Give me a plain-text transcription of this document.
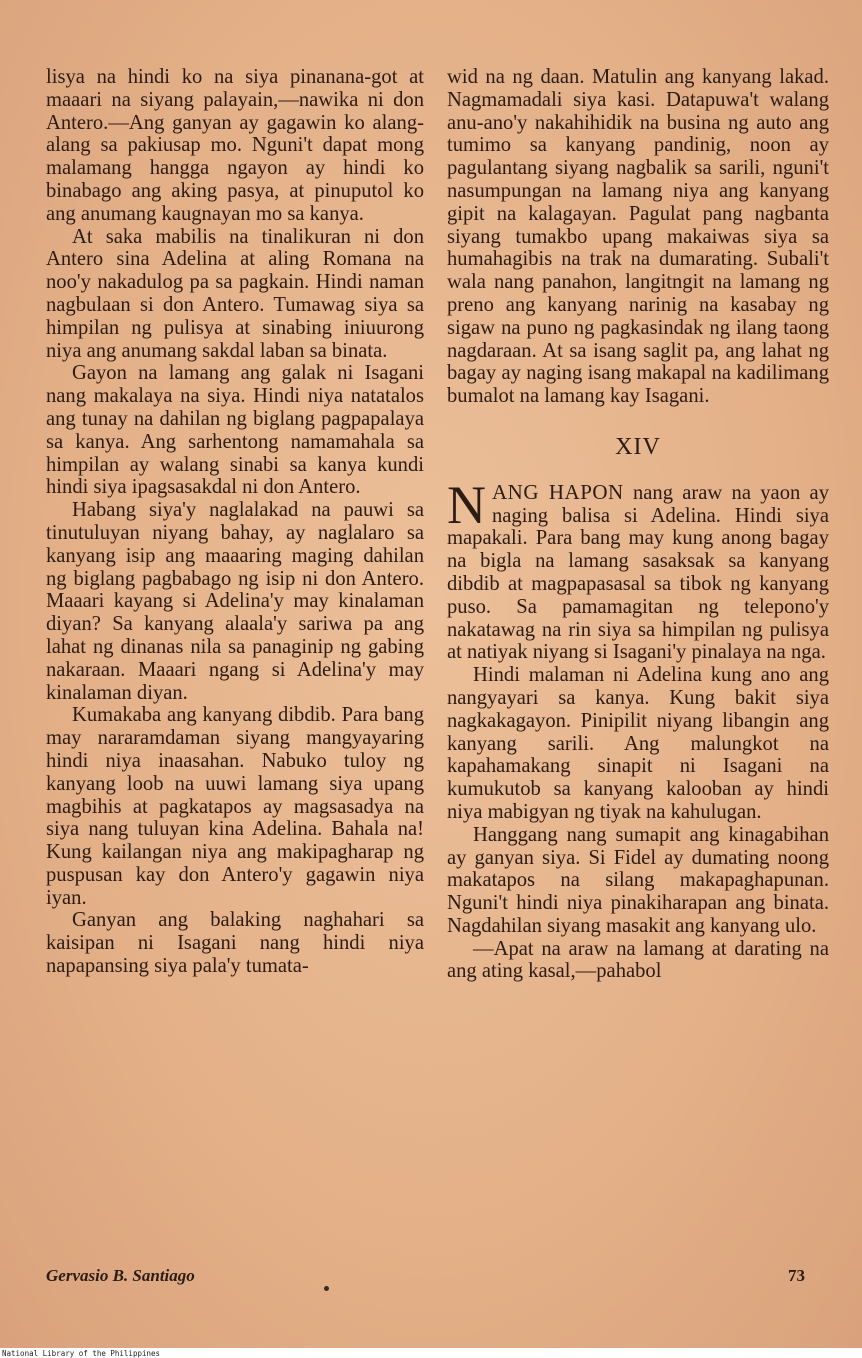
lisya na hindi ko na siya pinanana-got at maaari na siyang palayain,—nawika ni don Antero.—Ang ganyan ay gagawin ko alang-alang sa pakiusap mo. Nguni't dapat mong malamang hangga ngayon ay hindi ko binabago ang aking pasya, at pinuputol ko ang anumang kaugnayan mo sa kanya.

At saka mabilis na tinalikuran ni don Antero sina Adelina at aling Romana na noo'y nakadulog pa sa pagkain. Hindi naman nagbulaan si don Antero. Tumawag siya sa himpilan ng pulisya at sinabing iniuurong niya ang anumang sakdal laban sa binata.

Gayon na lamang ang galak ni Isagani nang makalaya na siya. Hindi niya natatalos ang tunay na dahilan ng biglang pagpapalaya sa kanya. Ang sarhentong namamahala sa himpilan ay walang sinabi sa kanya kundi hindi siya ipagsasakdal ni don Antero.

Habang siya'y naglalakad na pauwi sa tinutuluyan niyang bahay, ay naglalaro sa kanyang isip ang maaaring maging dahilan ng biglang pagbabago ng isip ni don Antero. Maaari kayang si Adelina'y may kinalaman diyan? Sa kanyang alaala'y sariwa pa ang lahat ng dinanas nila sa panaginip ng gabing nakaraan. Maaari ngang si Adelina'y may kinalaman diyan.

Kumakaba ang kanyang dibdib. Para bang may nararamdaman siyang mangyayaring hindi niya inaasahan. Nabuko tuloy ng kanyang loob na uuwi lamang siya upang magbihis at pagkatapos ay magsasadya na siya nang tuluyan kina Adelina. Bahala na! Kung kailangan niya ang makipagharap ng puspusan kay don Antero'y gagawin niya iyan.

Ganyan ang balaking naghahari sa kaisipan ni Isagani nang hindi niya napapansing siya pala'y tumata-

wid na ng daan. Matulin ang kanyang lakad. Nagmamadali siya kasi. Datapuwa't walang anu-ano'y nakahihidik na busina ng auto ang tumimo sa kanyang pandinig, noon ay pagulantang siyang nagbalik sa sarili, nguni't nasumpungan na lamang niya ang kanyang gipit na kalagayan. Pagulat pang nagbanta siyang tumakbo upang makaiwas siya sa humahagibis na trak na dumarating. Subali't wala nang panahon, langitngit na lamang ng preno ang kanyang narinig na kasabay ng sigaw na puno ng pagkasindak ng ilang taong nagdaraan. At sa isang saglit pa, ang lahat ng bagay ay naging isang makapal na kadilimang bumalot na lamang kay Isagani.

XIV

NANG HAPON nang araw na yaon ay naging balisa si Adelina. Hindi siya mapakali. Para bang may kung anong bagay na bigla na lamang sasaksak sa kanyang dibdib at magpapasasal sa tibok ng kanyang puso. Sa pamamagitan ng telepono'y nakatawag na rin siya sa himpilan ng pulisya at natiyak niyang si Isagani'y pinalaya na nga.

Hindi malaman ni Adelina kung ano ang nangyayari sa kanya. Kung bakit siya nagkakagayon. Pinipilit niyang libangin ang kanyang sarili. Ang malungkot na kapahamakang sinapit ni Isagani na kumukutob sa kanyang kalooban ay hindi niya mabigyan ng tiyak na kahulugan.

Hanggang nang sumapit ang kinagabihan ay ganyan siya. Si Fidel ay dumating noong makatapos na silang makapaghapunan. Nguni't hindi niya pinakiharapan ang binata. Nagdahilan siyang masakit ang kanyang ulo.

—Apat na araw na lamang at darating na ang ating kasal,—pahabol

Gervasio B. Santiago	73
National Library of the Philippines
